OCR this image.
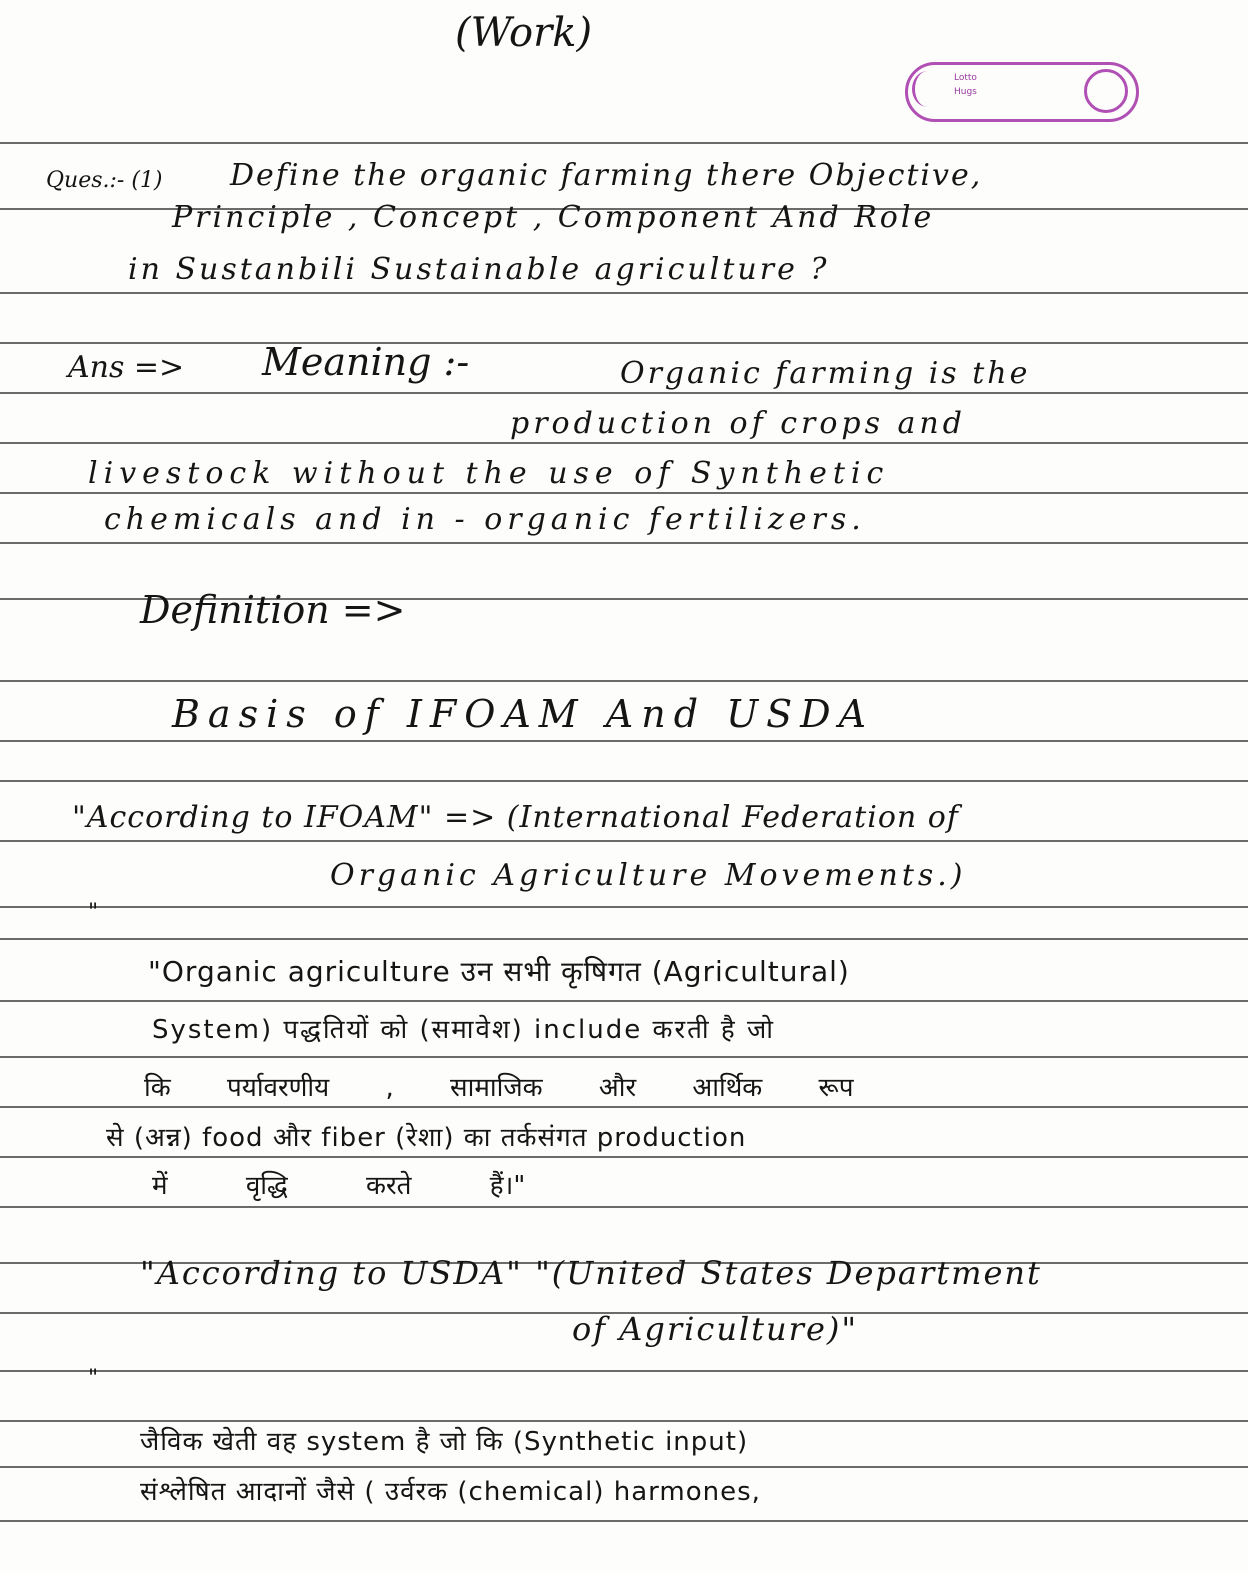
(Work)
Lotto
Hugs
Ques.:- (1) Define the organic farming there Objective,
Principle , Concept , Component And Role
in Sustanbili Sustainable agriculture ?
Ans => Meaning :-	Organic farming is the
production of crops and
livestock without the use of Synthetic
chemicals and in - organic fertilizers.
Definition =>
Basis of IFOAM And USDA
"According to IFOAM" => (International Federation of
Organic Agriculture Movements.)
"
"Organic agriculture उन सभी कृषिगत (Agricultural)
System) पद्धतियों को (समावेश) include करती है जो
कि पर्यावरणीय , सामाजिक और आर्थिक रूप
से (अन्न) food और fiber (रेशा) का तर्कसंगत production
में वृद्धि करते हैं।"
"According to USDA" "(United States Department
of Agriculture)"
"
जैविक खेती वह system है जो कि (Synthetic input)
संश्लेषित आदानों जैसे ( उर्वरक (chemical) harmones,
